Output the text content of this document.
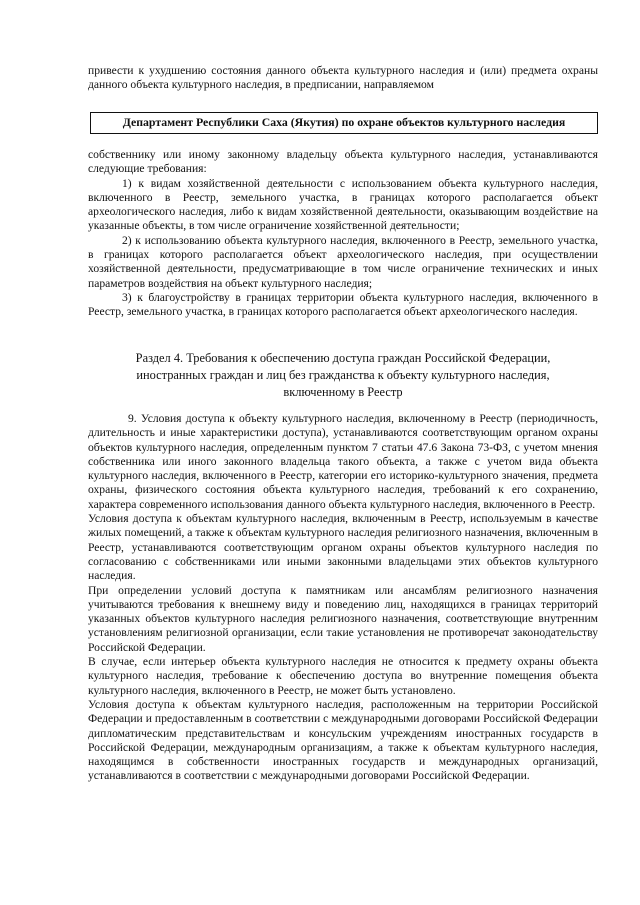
привести к ухудшению состояния данного объекта культурного наследия и (или) предмета охраны данного объекта культурного наследия, в предписании, направляемом

Департамент Республики Саха (Якутия) по охране объектов культурного наследия

собственнику или иному законному владельцу объекта культурного наследия, устанавливаются следующие требования:

1) к видам хозяйственной деятельности с использованием объекта культурного наследия, включенного в Реестр, земельного участка, в границах которого располагается объект археологического наследия, либо к видам хозяйственной деятельности, оказывающим воздействие на указанные объекты, в том числе ограничение хозяйственной деятельности;

2) к использованию объекта культурного наследия, включенного в Реестр, земельного участка, в границах которого располагается объект археологического наследия, при осуществлении хозяйственной деятельности, предусматривающие в том числе ограничение технических и иных параметров воздействия на объект культурного наследия;

3) к благоустройству в границах территории объекта культурного наследия, включенного в Реестр, земельного участка, в границах которого располагается объект археологического наследия.

Раздел 4. Требования к обеспечению доступа граждан Российской Федерации,
иностранных граждан и лиц без гражданства к объекту культурного наследия,
включенному в Реестр

9. Условия доступа к объекту культурного наследия, включенному в Реестр (периодичность, длительность и иные характеристики доступа), устанавливаются соответствующим органом охраны объектов культурного наследия, определенным пунктом 7 статьи 47.6 Закона 73-ФЗ, с учетом мнения собственника или иного законного владельца такого объекта, а также с учетом вида объекта культурного наследия, включенного в Реестр, категории его историко-культурного значения, предмета охраны, физического состояния объекта культурного наследия, требований к его сохранению, характера современного использования данного объекта культурного наследия, включенного в Реестр.

Условия доступа к объектам культурного наследия, включенным в Реестр, используемым в качестве жилых помещений, а также к объектам культурного наследия религиозного назначения, включенным в Реестр, устанавливаются соответствующим органом охраны объектов культурного наследия по согласованию с собственниками или иными законными владельцами этих объектов культурного наследия.

При определении условий доступа к памятникам или ансамблям религиозного назначения учитываются требования к внешнему виду и поведению лиц, находящихся в границах территорий указанных объектов культурного наследия религиозного назначения, соответствующие внутренним установлениям религиозной организации, если такие установления не противоречат законодательству Российской Федерации.

В случае, если интерьер объекта культурного наследия не относится к предмету охраны объекта культурного наследия, требование к обеспечению доступа во внутренние помещения объекта культурного наследия, включенного в Реестр, не может быть установлено.

Условия доступа к объектам культурного наследия, расположенным на территории Российской Федерации и предоставленным в соответствии с международными договорами Российской Федерации дипломатическим представительствам и консульским учреждениям иностранных государств в Российской Федерации, международным организациям, а также к объектам культурного наследия, находящимся в собственности иностранных государств и международных организаций, устанавливаются в соответствии с международными договорами Российской Федерации.
